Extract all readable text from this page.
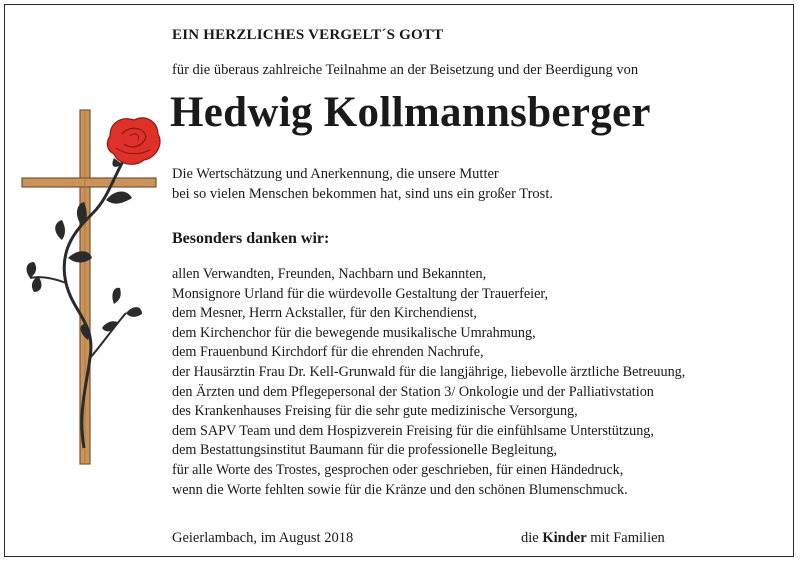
EIN HERZLICHES VERGELT´S GOTT
für die überaus zahlreiche Teilnahme an der Beisetzung und der Beerdigung von
Hedwig Kollmannsberger
Die Wertschätzung und Anerkennung, die unsere Mutter
bei so vielen Menschen bekommen hat, sind uns ein großer Trost.
Besonders danken wir:
allen Verwandten, Freunden, Nachbarn und Bekannten,
Monsignore Urland für die würdevolle Gestaltung der Trauerfeier,
dem Mesner, Herrn Ackstaller, für den Kirchendienst,
dem Kirchenchor für die bewegende musikalische Umrahmung,
dem Frauenbund Kirchdorf für die ehrenden Nachrufe,
der Hausärztin Frau Dr. Kell-Grunwald für die langjährige, liebevolle ärztliche Betreuung,
den Ärzten und dem Pflegepersonal der Station 3/ Onkologie und der Palliativstation
des Krankenhauses Freising für die sehr gute medizinische Versorgung,
dem SAPV Team und dem Hospizverein Freising für die einfühlsame Unterstützung,
dem Bestattungsinstitut Baumann für die professionelle Begleitung,
für alle Worte des Trostes, gesprochen oder geschrieben, für einen Händedruck,
wenn die Worte fehlten sowie für die Kränze und den schönen Blumenschmuck.
Geierlambach, im August 2018	die Kinder mit Familien
